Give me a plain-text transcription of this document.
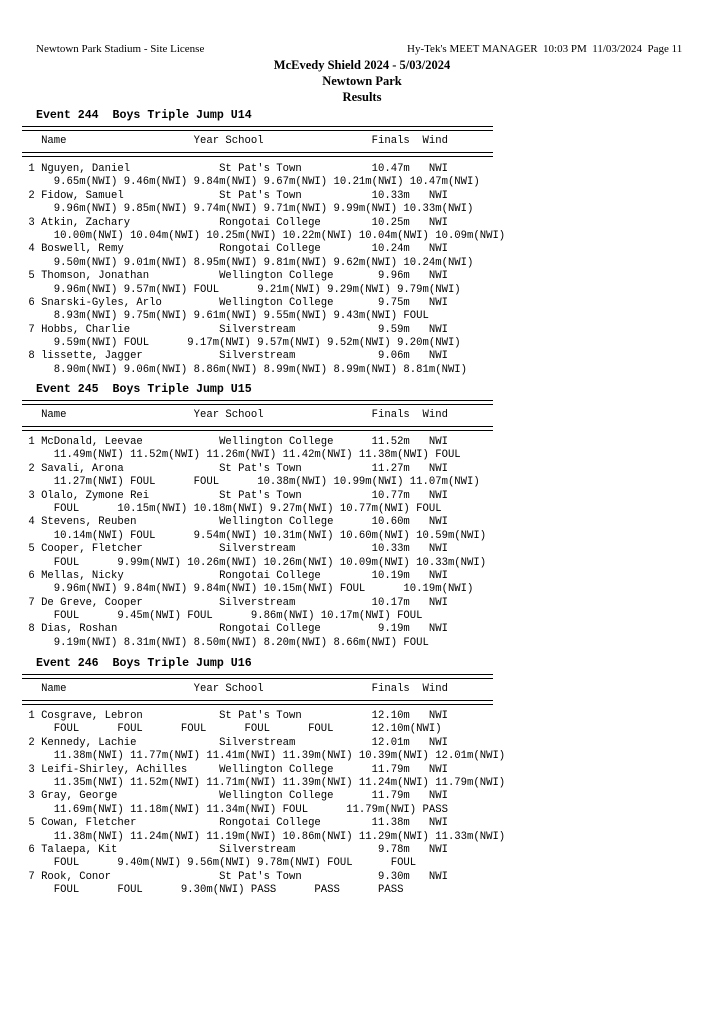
Newtown Park Stadium - Site License	Hy-Tek's MEET MANAGER  10:03 PM  11/03/2024  Page 11
McEvedy Shield 2024 - 5/03/2024
Newtown Park
Results
Event 244  Boys Triple Jump U14
Name                    Year School                 Finals  Wind
1 Nguyen, Daniel              St Pat's Town           10.47m   NWI
9.65m(NWI) 9.46m(NWI) 9.84m(NWI) 9.67m(NWI) 10.21m(NWI) 10.47m(NWI)
2 Fidow, Samuel               St Pat's Town           10.33m   NWI
9.96m(NWI) 9.85m(NWI) 9.74m(NWI) 9.71m(NWI) 9.99m(NWI) 10.33m(NWI)
3 Atkin, Zachary              Rongotai College        10.25m   NWI
10.00m(NWI) 10.04m(NWI) 10.25m(NWI) 10.22m(NWI) 10.04m(NWI) 10.09m(NWI)
4 Boswell, Remy               Rongotai College        10.24m   NWI
9.50m(NWI) 9.01m(NWI) 8.95m(NWI) 9.81m(NWI) 9.62m(NWI) 10.24m(NWI)
5 Thomson, Jonathan           Wellington College       9.96m   NWI
9.96m(NWI) 9.57m(NWI) FOUL      9.21m(NWI) 9.29m(NWI) 9.79m(NWI)
6 Snarski-Gyles, Arlo         Wellington College       9.75m   NWI
8.93m(NWI) 9.75m(NWI) 9.61m(NWI) 9.55m(NWI) 9.43m(NWI) FOUL
7 Hobbs, Charlie              Silverstream             9.59m   NWI
9.59m(NWI) FOUL      9.17m(NWI) 9.57m(NWI) 9.52m(NWI) 9.20m(NWI)
8 lissette, Jagger            Silverstream             9.06m   NWI
8.90m(NWI) 9.06m(NWI) 8.86m(NWI) 8.99m(NWI) 8.99m(NWI) 8.81m(NWI)
Event 245  Boys Triple Jump U15
Name                    Year School                 Finals  Wind
1 McDonald, Leevae            Wellington College      11.52m   NWI
11.49m(NWI) 11.52m(NWI) 11.26m(NWI) 11.42m(NWI) 11.38m(NWI) FOUL
2 Savali, Arona               St Pat's Town           11.27m   NWI
11.27m(NWI) FOUL      FOUL      10.38m(NWI) 10.99m(NWI) 11.07m(NWI)
3 Olalo, Zymone Rei           St Pat's Town           10.77m   NWI
FOUL      10.15m(NWI) 10.18m(NWI) 9.27m(NWI) 10.77m(NWI) FOUL
4 Stevens, Reuben             Wellington College      10.60m   NWI
10.14m(NWI) FOUL      9.54m(NWI) 10.31m(NWI) 10.60m(NWI) 10.59m(NWI)
5 Cooper, Fletcher            Silverstream            10.33m   NWI
FOUL      9.99m(NWI) 10.26m(NWI) 10.26m(NWI) 10.09m(NWI) 10.33m(NWI)
6 Mellas, Nicky               Rongotai College        10.19m   NWI
9.96m(NWI) 9.84m(NWI) 9.84m(NWI) 10.15m(NWI) FOUL      10.19m(NWI)
7 De Greve, Cooper            Silverstream            10.17m   NWI
FOUL      9.45m(NWI) FOUL      9.86m(NWI) 10.17m(NWI) FOUL
8 Dias, Roshan                Rongotai College         9.19m   NWI
9.19m(NWI) 8.31m(NWI) 8.50m(NWI) 8.20m(NWI) 8.66m(NWI) FOUL
Event 246  Boys Triple Jump U16
Name                    Year School                 Finals  Wind
1 Cosgrave, Lebron            St Pat's Town           12.10m   NWI
FOUL      FOUL      FOUL      FOUL      FOUL      12.10m(NWI)
2 Kennedy, Lachie             Silverstream            12.01m   NWI
11.38m(NWI) 11.77m(NWI) 11.41m(NWI) 11.39m(NWI) 10.39m(NWI) 12.01m(NWI)
3 Leifi-Shirley, Achilles     Wellington College      11.79m   NWI
11.35m(NWI) 11.52m(NWI) 11.71m(NWI) 11.39m(NWI) 11.24m(NWI) 11.79m(NWI)
3 Gray, George                Wellington College      11.79m   NWI
11.69m(NWI) 11.18m(NWI) 11.34m(NWI) FOUL      11.79m(NWI) PASS
5 Cowan, Fletcher             Rongotai College        11.38m   NWI
11.38m(NWI) 11.24m(NWI) 11.19m(NWI) 10.86m(NWI) 11.29m(NWI) 11.33m(NWI)
6 Talaepa, Kit                Silverstream             9.78m   NWI
FOUL      9.40m(NWI) 9.56m(NWI) 9.78m(NWI) FOUL      FOUL
7 Rook, Conor                 St Pat's Town            9.30m   NWI
FOUL      FOUL      9.30m(NWI) PASS      PASS      PASS
